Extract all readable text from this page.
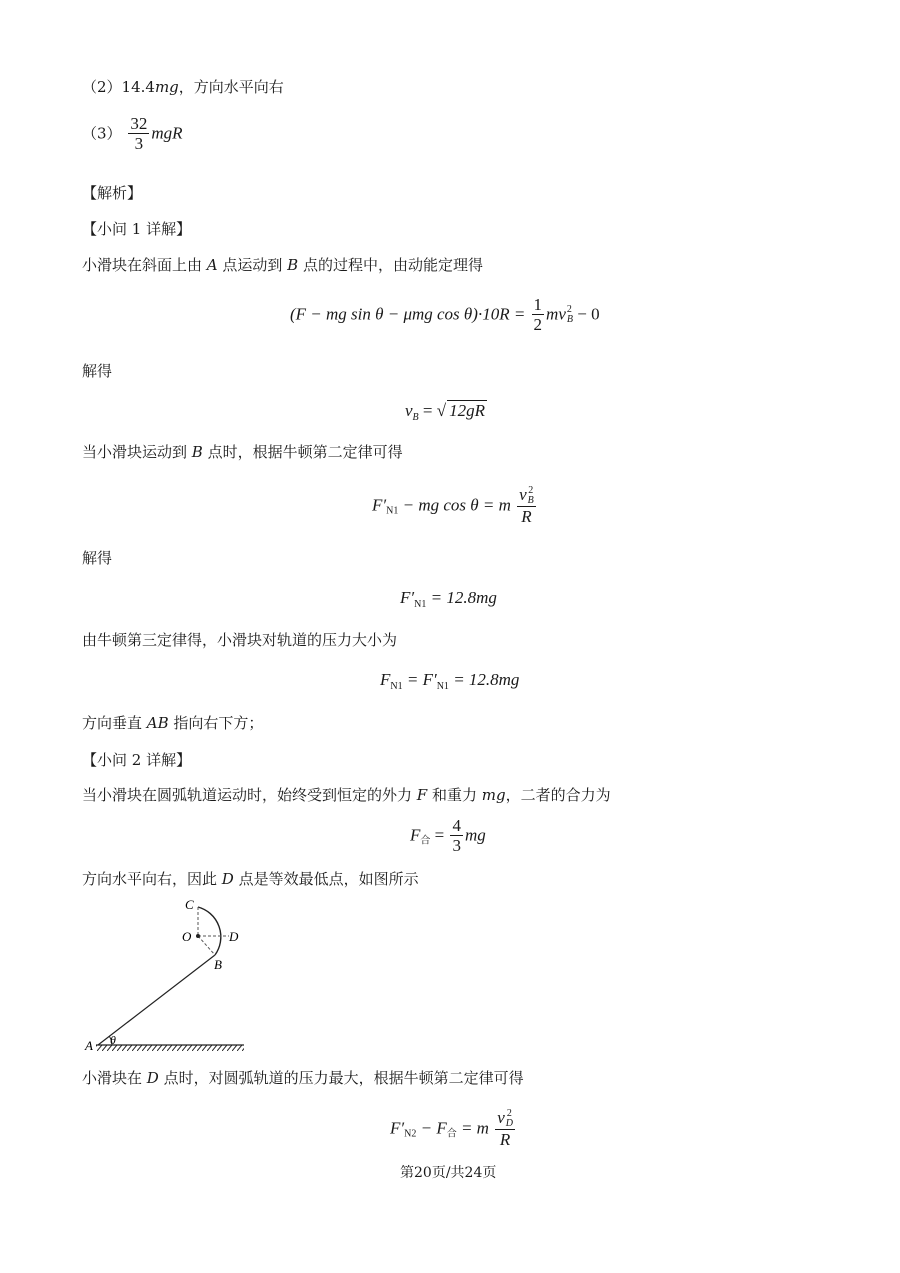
（2）14.4mg，方向水平向右
$(3) \frac{32}{3}$ mgR
【解析】
【小问 1 详解】
小滑块在斜面上由 A 点运动到 B 点的过程中，由动能定理得
(F − mg sin θ − μmg $\cos \theta)\cdot 10R = \frac{1}{2}$ mv 2
B − 0
解得
$v_B$ = √ 12gR
当小滑块运动到 B 点时，根据牛顿第二定律可得
$F'_{N1}$ − mg cos θ = m v 2
B
R
解得
$F'_{N1} = 12.8mg$
由牛顿第三定律得，小滑块对轨道的压力大小为
$F_{N1} = F'_{N1} = 12.8mg$
方向垂直 AB 指向右下方；
【小问 2 详解】
当小滑块在圆弧轨道运动时，始终受到恒定的外力 F 和重力 mg，二者的合力为
$F_合 = \frac{4}{3}$ mg
方向水平向右，因此 D 点是等效最低点，如图所示
C
O	D
B
A θ
小滑块在 D 点时，对圆弧轨道的压力最大，根据牛顿第二定律可得
$F'_{N2} - F_合 = m$ v 2
D
R
第20页/共24页
